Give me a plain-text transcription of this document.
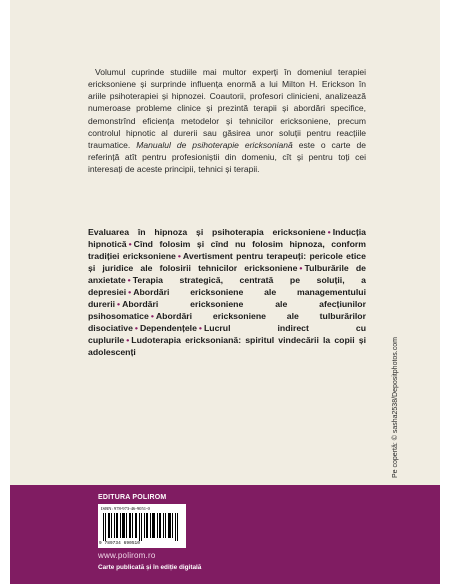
Volumul cuprinde studiile mai multor experți în domeniul terapiei ericksoniene și surprinde influența enormă a lui Milton H. Erickson în ariile psihoterapiei și hipnozei. Coautorii, profesori clinicieni, analizează numeroase probleme clinice și prezintă terapii și abordări specifice, demonstrînd eficiența metodelor și tehnicilor ericksoniene, precum controlul hipnotic al durerii sau găsirea unor soluții pentru reacțiile traumatice. Manualul de psihoterapie ericksoniană este o carte de referință atît pentru profesioniștii din domeniu, cît și pentru toți cei interesați de aceste principii, tehnici și terapii.

Evaluarea în hipnoza și psihoterapia ericksoniene • Inducția hipnotică • Cînd folosim și cînd nu folosim hipnoza, conform tradiției ericksoniene • Avertisment pentru terapeuți: pericole etice și juridice ale folosirii tehnicilor ericksoniene • Tulburările de anxietate • Terapia strategică, centrată pe soluții, a depresiei • Abordări ericksoniene ale managementului durerii • Abordări ericksoniene ale afecțiunilor psihosomatice • Abordări ericksoniene ale tulburărilor disociative • Dependențele • Lucrul indirect cu cuplurile • Ludoterapia ericksoniană: spiritul vindecării la copii și adolescenți	Pe copertă: © sasha2538/Depositphotos.com
EDITURA POLIROM
ISBN: 978-973-46-9051-0
9 789734 690510
www.polirom.ro
Carte publicată și în ediție digitală
